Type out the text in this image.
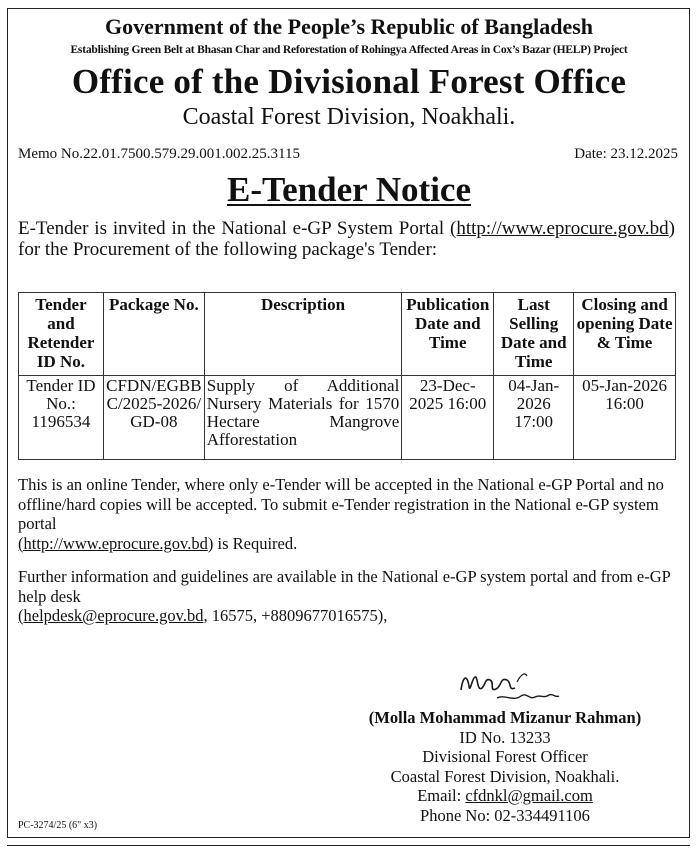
Government of the People’s Republic of Bangladesh
Establishing Green Belt at Bhasan Char and Reforestation of Rohingya Affected Areas in Cox’s Bazar (HELP) Project
Office of the Divisional Forest Office
Coastal Forest Division, Noakhali.
Memo No.22.01.7500.579.29.001.002.25.3115	Date: 23.12.2025
E-Tender Notice
E-Tender is invited in the National e-GP System Portal (http://www.eprocure.gov.bd) for the Procurement of the following package's Tender:
Tender and Retender ID No.	Package No.	Description	Publication Date and Time	Last Selling Date and Time	Closing and opening Date & Time
Tender ID No.: 1196534	CFDN/EGBBC/2025-2026/GD-08	Supply of Additional Nursery Materials for 1570 Hectare Mangrove Afforestation	23-Dec-2025 16:00	04-Jan-2026 17:00	05-Jan-2026 16:00
This is an online Tender, where only e-Tender will be accepted in the National e-GP Portal and no offline/hard copies will be accepted. To submit e-Tender registration in the National e-GP system portal
(http://www.eprocure.gov.bd) is Required.
Further information and guidelines are available in the National e-GP system portal and from e-GP help desk
(helpdesk@eprocure.gov.bd, 16575, +8809677016575),
(Molla Mohammad Mizanur Rahman)
ID No. 13233
Divisional Forest Officer
Coastal Forest Division, Noakhali.
Email: cfdnkl@gmail.com
Phone No: 02-334491106
PC-3274/25 (6" x3)
